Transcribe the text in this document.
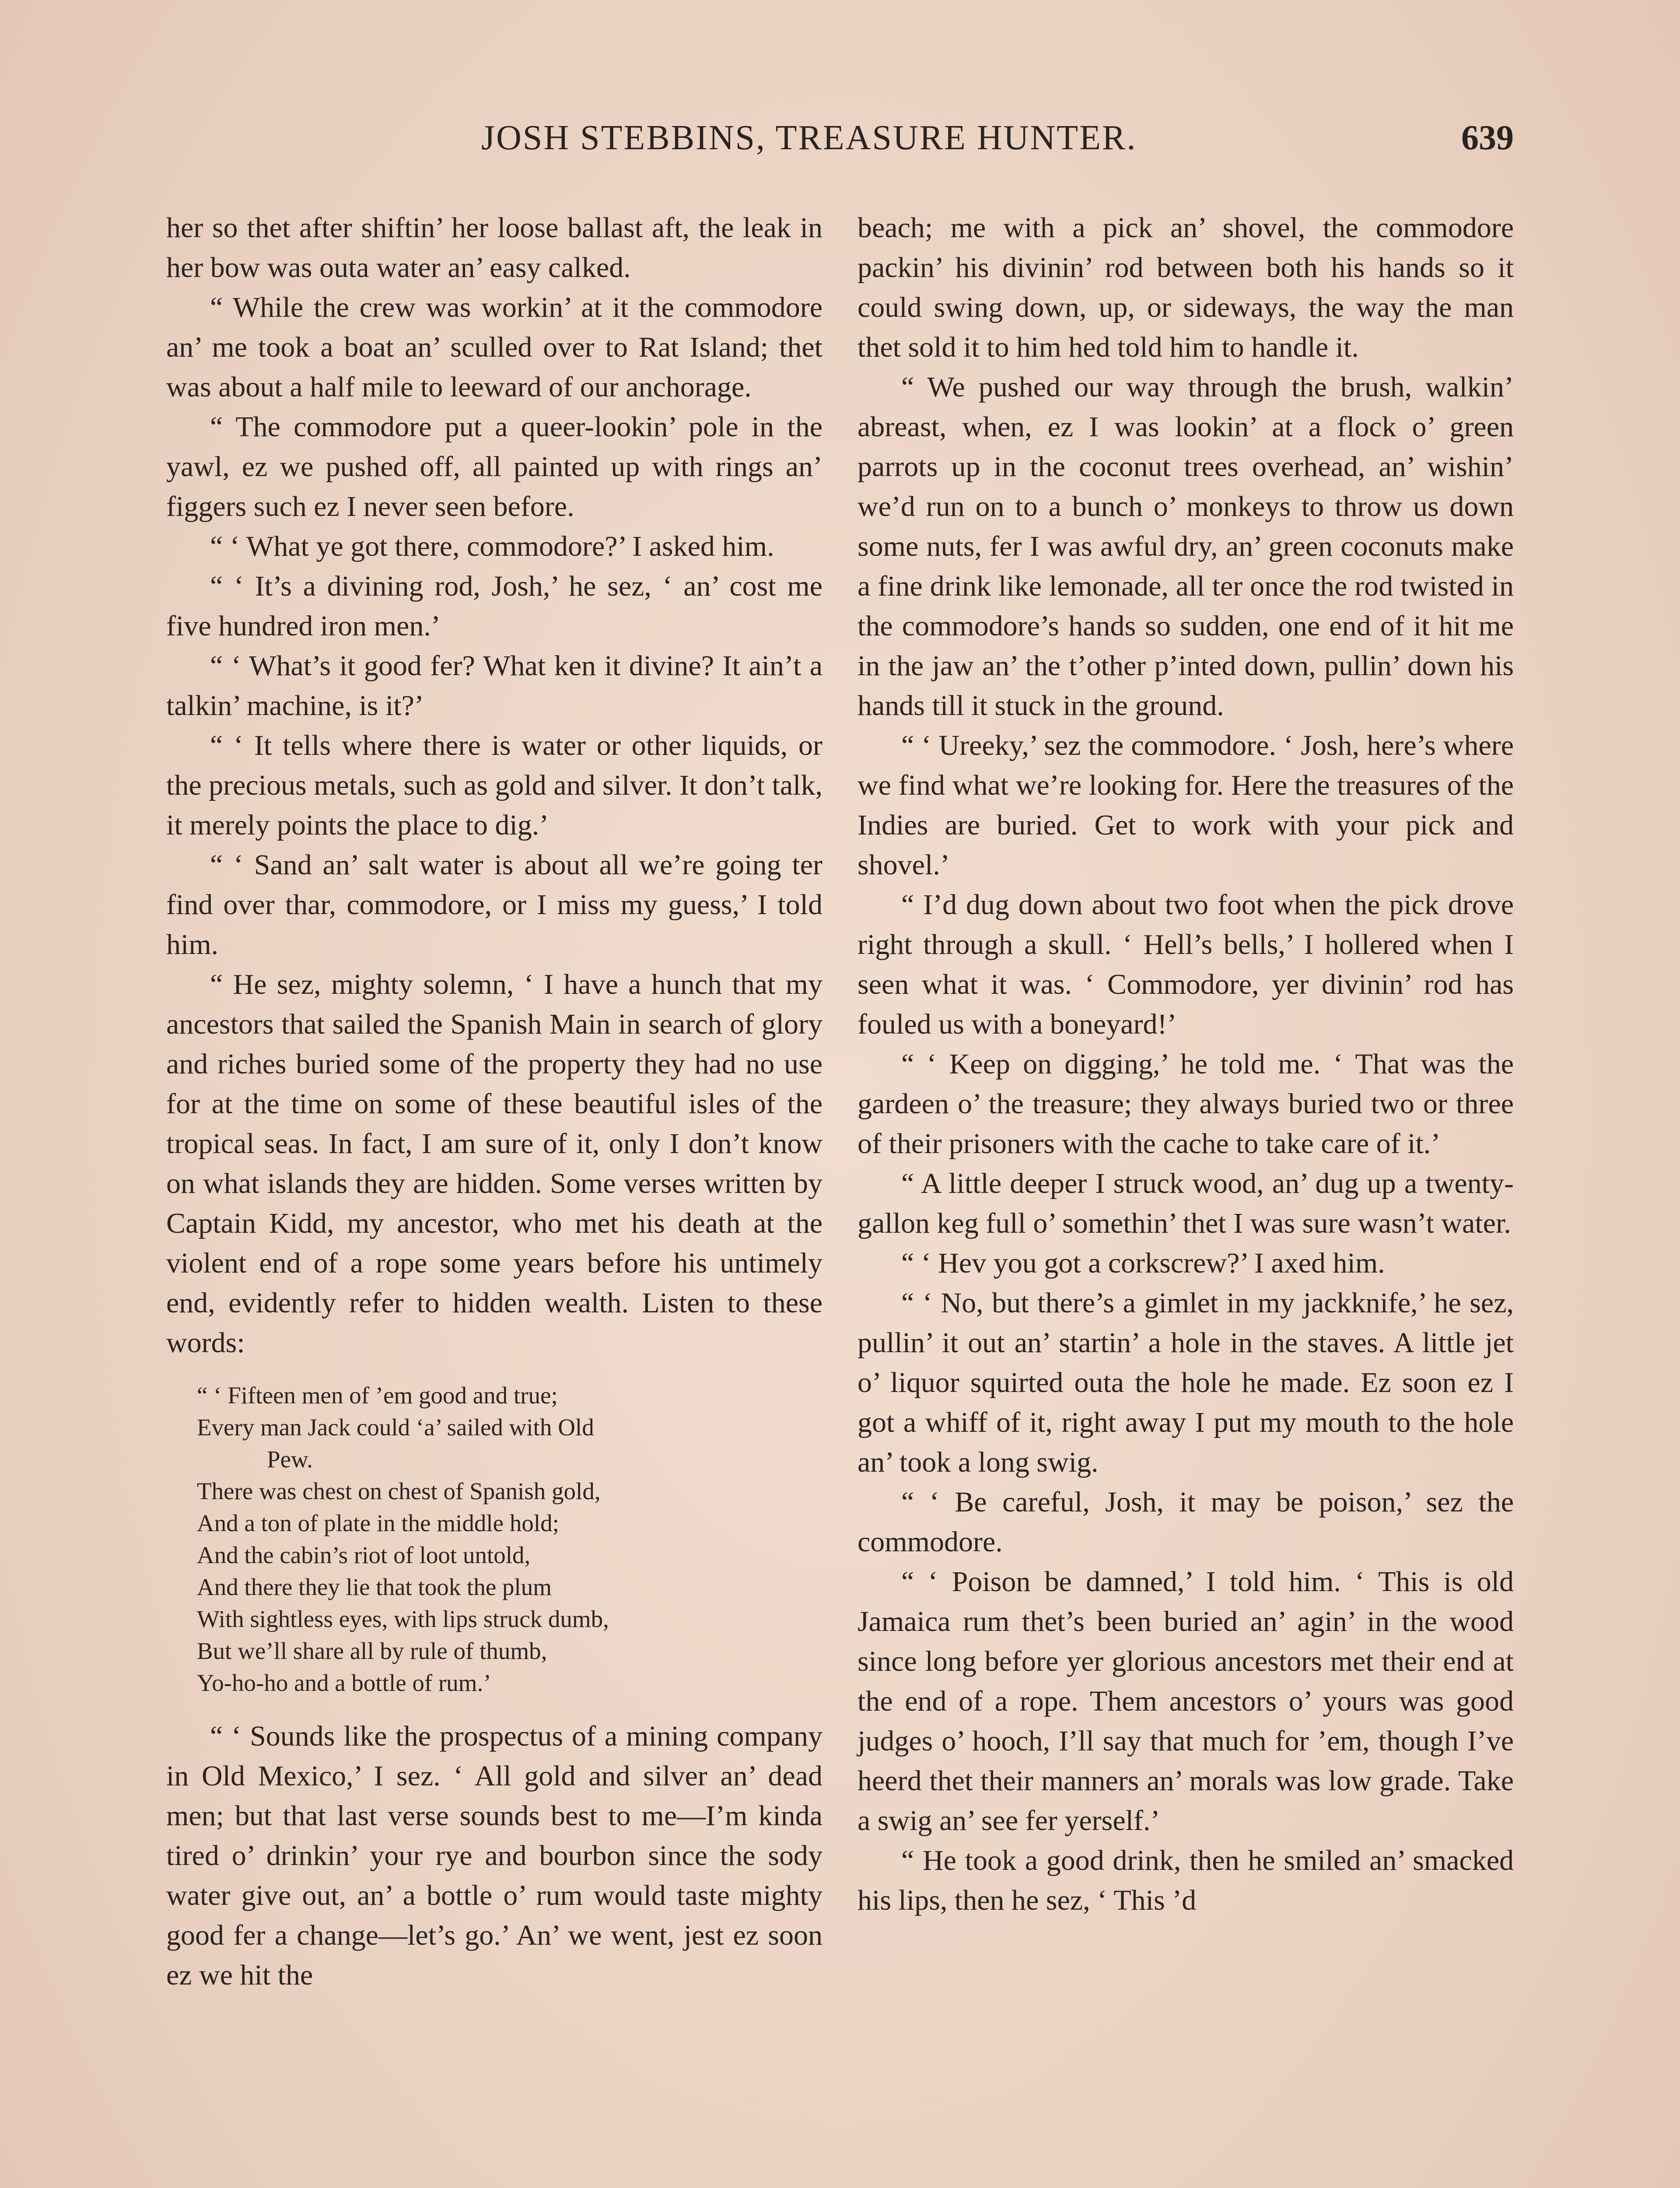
JOSH STEBBINS, TREASURE HUNTER.	639

her so thet after shiftin’ her loose ballast aft, the leak in her bow was outa water an’ easy calked.

“ While the crew was workin’ at it the commodore an’ me took a boat an’ sculled over to Rat Island; thet was about a half mile to leeward of our anchorage.

“ The commodore put a queer-lookin’ pole in the yawl, ez we pushed off, all painted up with rings an’ figgers such ez I never seen before.

“ ‘ What ye got there, commodore?’ I asked him.

“ ‘ It’s a divining rod, Josh,’ he sez, ‘ an’ cost me five hundred iron men.’

“ ‘ What’s it good fer? What ken it divine? It ain’t a talkin’ machine, is it?’

“ ‘ It tells where there is water or other liquids, or the precious metals, such as gold and silver. It don’t talk, it merely points the place to dig.’

“ ‘ Sand an’ salt water is about all we’re going ter find over thar, commodore, or I miss my guess,’ I told him.

“ He sez, mighty solemn, ‘ I have a hunch that my ancestors that sailed the Spanish Main in search of glory and riches buried some of the property they had no use for at the time on some of these beautiful isles of the tropical seas. In fact, I am sure of it, only I don’t know on what islands they are hidden. Some verses written by Captain Kidd, my ancestor, who met his death at the violent end of a rope some years before his untimely end, evidently refer to hidden wealth. Listen to these words:

“ ‘ Fifteen men of ’em good and true;
Every man Jack could ‘a’ sailed with Old
Pew.
There was chest on chest of Spanish gold,
And a ton of plate in the middle hold;
And the cabin’s riot of loot untold,
And there they lie that took the plum
With sightless eyes, with lips struck dumb,
But we’ll share all by rule of thumb,
Yo-ho-ho and a bottle of rum.’

“ ‘ Sounds like the prospectus of a mining company in Old Mexico,’ I sez. ‘ All gold and silver an’ dead men; but that last verse sounds best to me—I’m kinda tired o’ drinkin’ your rye and bourbon since the sody water give out, an’ a bottle o’ rum would taste mighty good fer a change—let’s go.’ An’ we went, jest ez soon ez we hit the

beach; me with a pick an’ shovel, the commodore packin’ his divinin’ rod between both his hands so it could swing down, up, or sideways, the way the man thet sold it to him hed told him to handle it.

“ We pushed our way through the brush, walkin’ abreast, when, ez I was lookin’ at a flock o’ green parrots up in the coconut trees overhead, an’ wishin’ we’d run on to a bunch o’ monkeys to throw us down some nuts, fer I was awful dry, an’ green coconuts make a fine drink like lemonade, all ter once the rod twisted in the commodore’s hands so sudden, one end of it hit me in the jaw an’ the t’other p’inted down, pullin’ down his hands till it stuck in the ground.

“ ‘ Ureeky,’ sez the commodore. ‘ Josh, here’s where we find what we’re looking for. Here the treasures of the Indies are buried. Get to work with your pick and shovel.’

“ I’d dug down about two foot when the pick drove right through a skull. ‘ Hell’s bells,’ I hollered when I seen what it was. ‘ Commodore, yer divinin’ rod has fouled us with a boneyard!’

“ ‘ Keep on digging,’ he told me. ‘ That was the gardeen o’ the treasure; they always buried two or three of their prisoners with the cache to take care of it.’

“ A little deeper I struck wood, an’ dug up a twenty-gallon keg full o’ somethin’ thet I was sure wasn’t water.

“ ‘ Hev you got a corkscrew?’ I axed him.

“ ‘ No, but there’s a gimlet in my jackknife,’ he sez, pullin’ it out an’ startin’ a hole in the staves. A little jet o’ liquor squirted outa the hole he made. Ez soon ez I got a whiff of it, right away I put my mouth to the hole an’ took a long swig.

“ ‘ Be careful, Josh, it may be poison,’ sez the commodore.

“ ‘ Poison be damned,’ I told him. ‘ This is old Jamaica rum thet’s been buried an’ agin’ in the wood since long before yer glorious ancestors met their end at the end of a rope. Them ancestors o’ yours was good judges o’ hooch, I’ll say that much for ’em, though I’ve heerd thet their manners an’ morals was low grade. Take a swig an’ see fer yerself.’

“ He took a good drink, then he smiled an’ smacked his lips, then he sez, ‘ This ’d
